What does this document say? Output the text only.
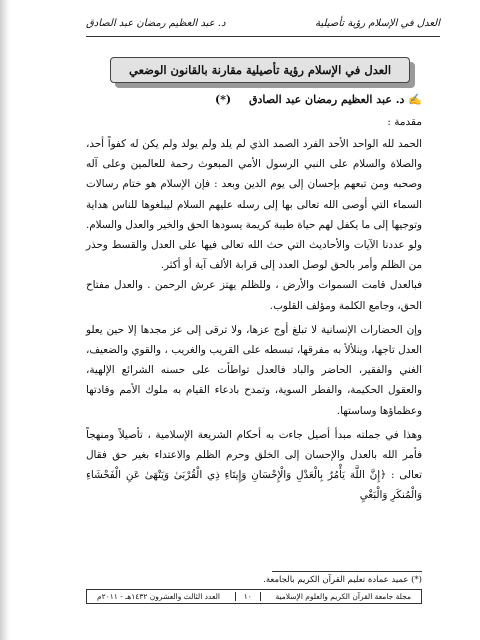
العدل في الإسلام رؤية تأصيلية
د. عبد العظيم رمضان عبد الصادق
العدل في الإسلام رؤية تأصيلية مقارنة بالقانون الوضعي
✍ د. عبد العظيم رمضان عبد الصادق (*)
مقدمة :

الحمد لله الواحد الأحد الفرد الصمد الذي لم يلد ولم يولد ولم يكن له كفواً أحد، والصلاة والسلام على النبي الرسول الأمي المبعوث رحمة للعالمين وعلى آله وصحبه ومن تبعهم بإحسان إلى يوم الدين وبعد : فإن الإسلام هو ختام رسالات السماء التي أوصى الله تعالى بها إلى رسله عليهم السلام ليبلغوها للناس هداية وتوجيها إلى ما يكفل لهم حياة طيبة كريمة يسودها الحق والخير والعدل والسلام. ولو عددنا الآيات والأحاديث التي حث الله تعالى فيها على العدل والقسط وحذر من الظلم وأمر بالحق لوصل العدد إلى قرابة الألف آية أو أكثر.

فبالعدل قامت السموات والأرض ، وللظلم يهتز عرش الرحمن . والعدل مفتاح الحق، وجامع الكلمة ومؤلف القلوب.

وإن الحضارات الإنسانية لا تبلغ أوج عزها، ولا ترقى إلى عز مجدها إلا حين يعلو العدل تاجها، وينلألأ به مفرقها، تبسطه على القريب والغريب ، والقوي والضعيف، الغني والفقير، الحاضر والباد فالعدل تواطأت على حسنه الشرائع الإلهية، والعقول الحكيمة، والفطر السوية، وتمدح بادعاء القيام به ملوك الأمم وقادتها وعظماؤها وساستها.

وهذا في جملته مبدأ أصيل جاءت به أحكام الشريعة الإسلامية ، تأصيلاً ومنهجاً فأمر الله بالعدل والإحسان إلى الخلق وحرم الظلم والاعتداء بغير حق فقال تعالى : ﴿إِنَّ اللَّهَ يَأْمُرُ بِالْعَدْلِ وَالْإِحْسَانِ وَإِيتَاءِ ذِي الْقُرْبَىٰ وَيَنْهَىٰ عَنِ الْفَحْشَاءِ وَالْمُنكَرِ وَالْبَغْيِ

(*) عميد عمادة تعليم القرآن الكريم بالجامعة.
مجلة جامعة القرآن الكريم والعلوم الإسلامية
١٠
العدد الثالث والعشرون ١٤٣٢هـ - ٢٠١١م
